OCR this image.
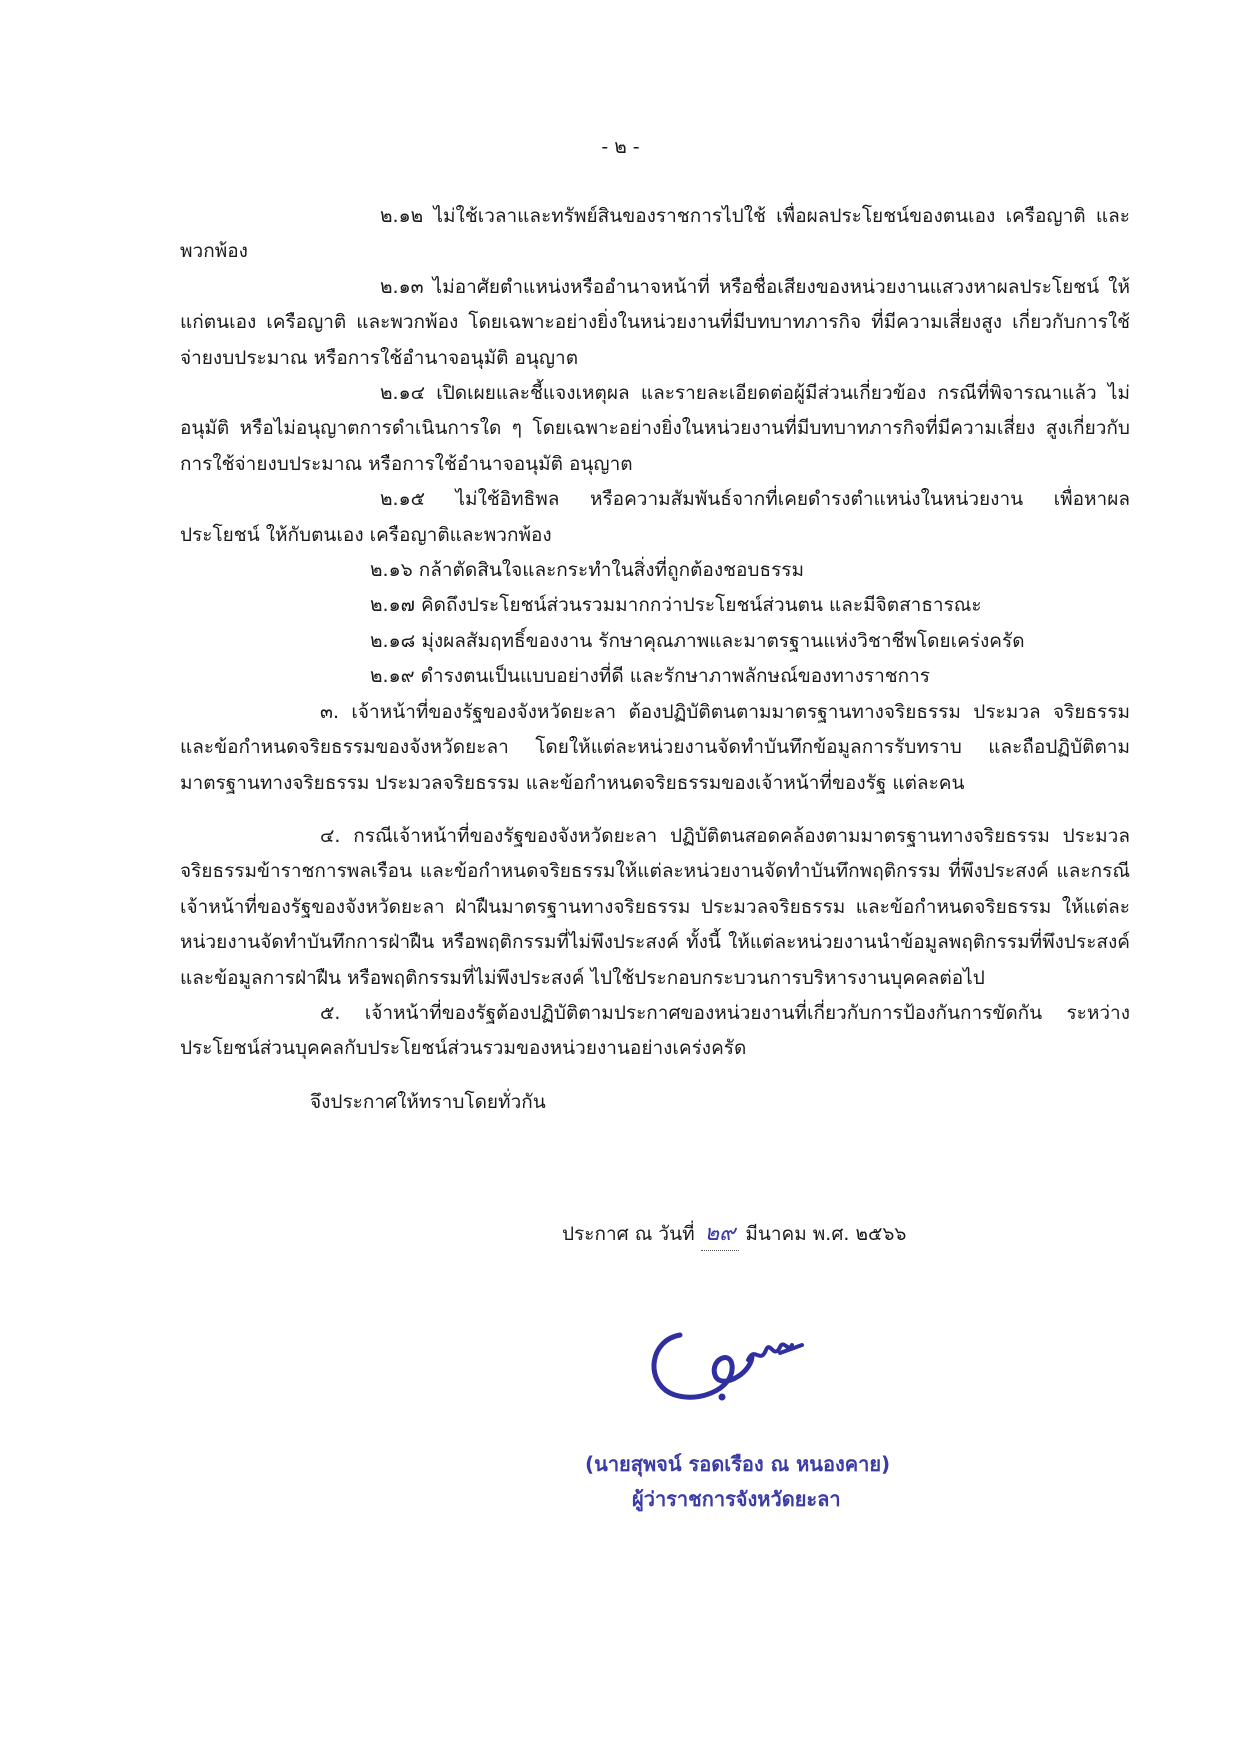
- ๒ -

๒.๑๒ ไม่ใช้เวลาและทรัพย์สินของราชการไปใช้ เพื่อผลประโยชน์ของตนเอง เครือญาติ และพวกพ้อง

๒.๑๓ ไม่อาศัยตำแหน่งหรืออำนาจหน้าที่ หรือชื่อเสียงของหน่วยงานแสวงหาผลประโยชน์ ให้แก่ตนเอง เครือญาติ และพวกพ้อง โดยเฉพาะอย่างยิ่งในหน่วยงานที่มีบทบาทภารกิจ ที่มีความเสี่ยงสูง เกี่ยวกับการใช้จ่ายงบประมาณ หรือการใช้อำนาจอนุมัติ อนุญาต

๒.๑๔ เปิดเผยและชี้แจงเหตุผล และรายละเอียดต่อผู้มีส่วนเกี่ยวข้อง กรณีที่พิจารณาแล้ว ไม่อนุมัติ หรือไม่อนุญาตการดำเนินการใด ๆ โดยเฉพาะอย่างยิ่งในหน่วยงานที่มีบทบาทภารกิจที่มีความเสี่ยง สูงเกี่ยวกับการใช้จ่ายงบประมาณ หรือการใช้อำนาจอนุมัติ อนุญาต

๒.๑๕ ไม่ใช้อิทธิพล หรือความสัมพันธ์จากที่เคยดำรงตำแหน่งในหน่วยงาน เพื่อหาผลประโยชน์ ให้กับตนเอง เครือญาติและพวกพ้อง

๒.๑๖ กล้าตัดสินใจและกระทำในสิ่งที่ถูกต้องชอบธรรม

๒.๑๗ คิดถึงประโยชน์ส่วนรวมมากกว่าประโยชน์ส่วนตน และมีจิตสาธารณะ

๒.๑๘ มุ่งผลสัมฤทธิ์ของงาน รักษาคุณภาพและมาตรฐานแห่งวิชาชีพโดยเคร่งครัด

๒.๑๙ ดำรงตนเป็นแบบอย่างที่ดี และรักษาภาพลักษณ์ของทางราชการ

๓. เจ้าหน้าที่ของรัฐของจังหวัดยะลา ต้องปฏิบัติตนตามมาตรฐานทางจริยธรรม ประมวล จริยธรรม และข้อกำหนดจริยธรรมของจังหวัดยะลา โดยให้แต่ละหน่วยงานจัดทำบันทึกข้อมูลการรับทราบ และถือปฏิบัติตามมาตรฐานทางจริยธรรม ประมวลจริยธรรม และข้อกำหนดจริยธรรมของเจ้าหน้าที่ของรัฐ แต่ละคน

๔. กรณีเจ้าหน้าที่ของรัฐของจังหวัดยะลา ปฏิบัติตนสอดคล้องตามมาตรฐานทางจริยธรรม ประมวลจริยธรรมข้าราชการพลเรือน และข้อกำหนดจริยธรรมให้แต่ละหน่วยงานจัดทำบันทึกพฤติกรรม ที่พึงประสงค์ และกรณีเจ้าหน้าที่ของรัฐของจังหวัดยะลา ฝ่าฝืนมาตรฐานทางจริยธรรม ประมวลจริยธรรม และข้อกำหนดจริยธรรม ให้แต่ละหน่วยงานจัดทำบันทึกการฝ่าฝืน หรือพฤติกรรมที่ไม่พึงประสงค์ ทั้งนี้ ให้แต่ละหน่วยงานนำข้อมูลพฤติกรรมที่พึงประสงค์และข้อมูลการฝ่าฝืน หรือพฤติกรรมที่ไม่พึงประสงค์ ไปใช้ประกอบกระบวนการบริหารงานบุคคลต่อไป

๕. เจ้าหน้าที่ของรัฐต้องปฏิบัติตามประกาศของหน่วยงานที่เกี่ยวกับการป้องกันการขัดกัน ระหว่างประโยชน์ส่วนบุคคลกับประโยชน์ส่วนรวมของหน่วยงานอย่างเคร่งครัด

จึงประกาศให้ทราบโดยทั่วกัน

ประกาศ ณ วันที่ ๒๙ มีนาคม พ.ศ. ๒๕๖๖
(นายสุพจน์ รอดเรือง ณ หนองคาย)
ผู้ว่าราชการจังหวัดยะลา
